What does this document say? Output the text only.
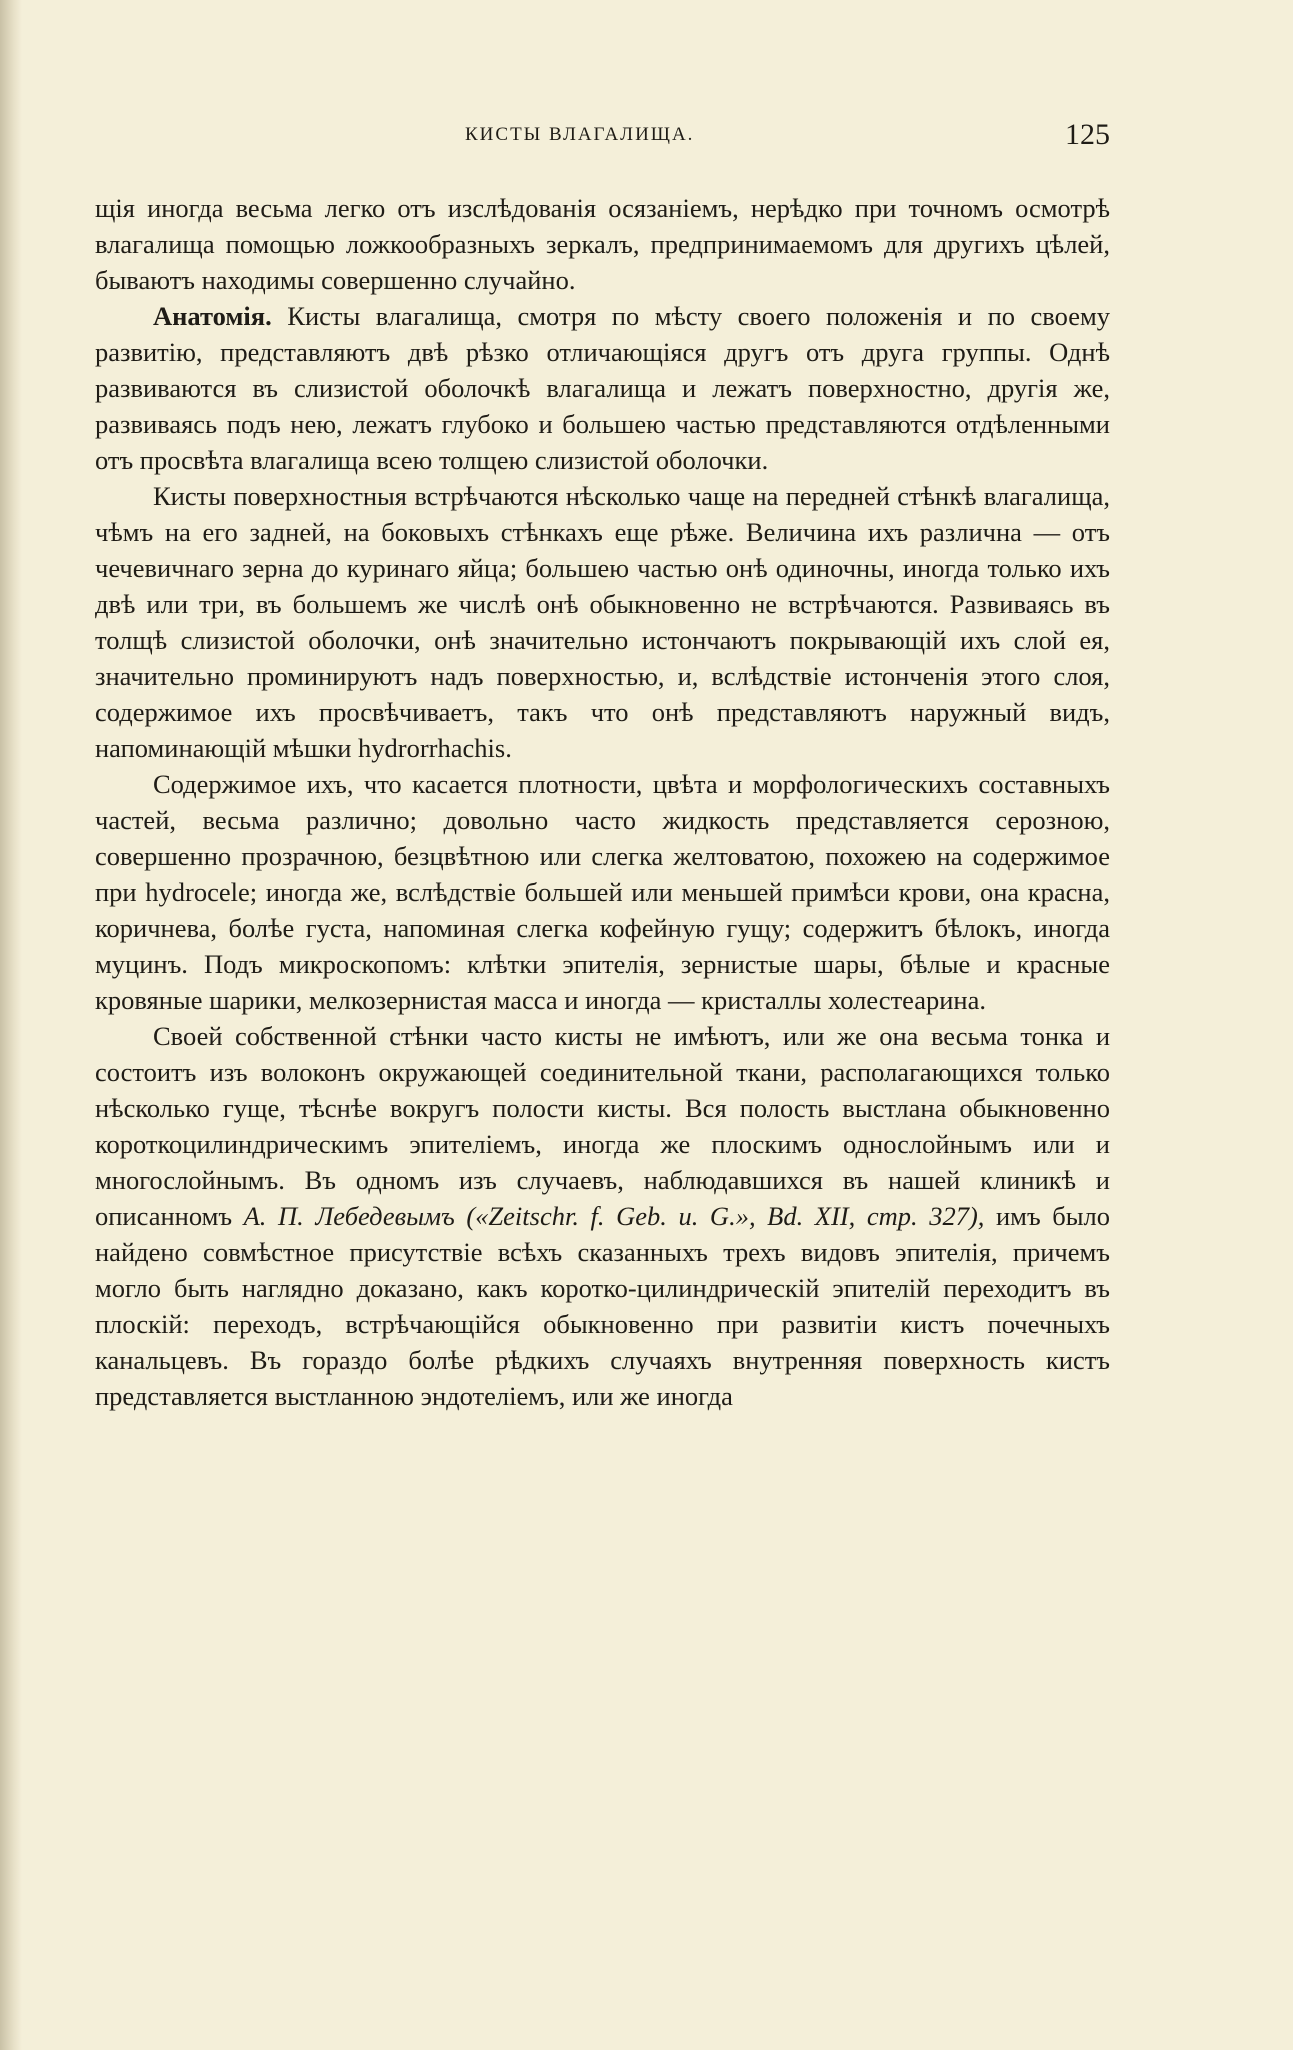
КИСТЫ ВЛАГАЛИЩА.	125

щія иногда весьма легко отъ изслѣдованія осязаніемъ, нерѣдко при точномъ осмотрѣ влагалища помощью ложкообразныхъ зеркалъ, предпринимаемомъ для другихъ цѣлей, бываютъ находимы совершенно случайно.

Анатомія. Кисты влагалища, смотря по мѣсту своего положенія и по своему развитію, представляютъ двѣ рѣзко отличающіяся другъ отъ друга группы. Однѣ развиваются въ слизистой оболочкѣ влагалища и лежатъ поверхностно, другія же, развиваясь подъ нею, лежатъ глубоко и большею частью представляются отдѣленными отъ просвѣта влагалища всею толщею слизистой оболочки.

Кисты поверхностныя встрѣчаются нѣсколько чаще на передней стѣнкѣ влагалища, чѣмъ на его задней, на боковыхъ стѣнкахъ еще рѣже. Величина ихъ различна — отъ чечевичнаго зерна до куринаго яйца; большею частью онѣ одиночны, иногда только ихъ двѣ или три, въ большемъ же числѣ онѣ обыкновенно не встрѣчаются. Развиваясь въ толщѣ слизистой оболочки, онѣ значительно истончаютъ покрывающій ихъ слой ея, значительно проминируютъ надъ поверхностью, и, вслѣдствіе истонченія этого слоя, содержимое ихъ просвѣчиваетъ, такъ что онѣ представляютъ наружный видъ, напоминающій мѣшки hydrorrhachis.

Содержимое ихъ, что касается плотности, цвѣта и морфологическихъ составныхъ частей, весьма различно; довольно часто жидкость представляется серозною, совершенно прозрачною, безцвѣтною или слегка желтоватою, похожею на содержимое при hydrocele; иногда же, вслѣдствіе большей или меньшей примѣси крови, она красна, коричнева, болѣе густа, напоминая слегка кофейную гущу; содержитъ бѣлокъ, иногда муцинъ. Подъ микроскопомъ: клѣтки эпителія, зернистые шары, бѣлые и красные кровяные шарики, мелкозернистая масса и иногда — кристаллы холестеарина.

Своей собственной стѣнки часто кисты не имѣютъ, или же она весьма тонка и состоитъ изъ волоконъ окружающей соединительной ткани, располагающихся только нѣсколько гуще, тѣснѣе вокругъ полости кисты. Вся полость выстлана обыкновенно короткоцилиндрическимъ эпителіемъ, иногда же плоскимъ однослойнымъ или и многослойнымъ. Въ одномъ изъ случаевъ, наблюдавшихся въ нашей клиникѣ и описанномъ А. П. Лебедевымъ («Zeitschr. f. Geb. u. G.», Bd. XII, стр. 327), имъ было найдено совмѣстное присутствіе всѣхъ сказанныхъ трехъ видовъ эпителія, причемъ могло быть наглядно доказано, какъ коротко-цилиндрическій эпителій переходитъ въ плоскій: переходъ, встрѣчающійся обыкновенно при развитіи кистъ почечныхъ канальцевъ. Въ гораздо болѣе рѣдкихъ случаяхъ внутренняя поверхность кистъ представляется выстланною эндотеліемъ, или же иногда
